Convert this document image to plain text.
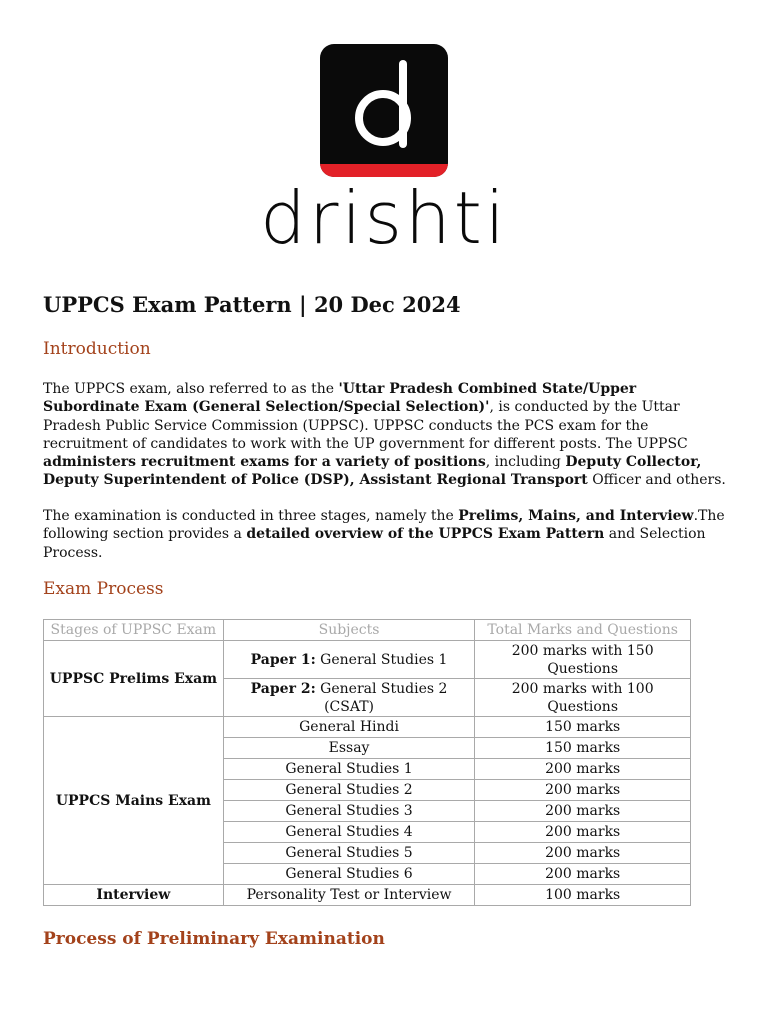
drishti
UPPCS Exam Pattern | 20 Dec 2024
Introduction

The UPPCS exam, also referred to as the 'Uttar Pradesh Combined State/Upper Subordinate Exam (General Selection/Special Selection)', is conducted by the Uttar Pradesh Public Service Commission (UPPSC). UPPSC conducts the PCS exam for the recruitment of candidates to work with the UP government for different posts. The UPPSC administers recruitment exams for a variety of positions, including Deputy Collector, Deputy Superintendent of Police (DSP), Assistant Regional Transport Officer and others.

The examination is conducted in three stages, namely the Prelims, Mains, and Interview.The following section provides a detailed overview of the UPPCS Exam Pattern and Selection Process.

Exam Process
Stages of UPPSC Exam	Subjects	Total Marks and Questions
UPPSC Prelims Exam	Paper 1: General Studies 1	200 marks with 150 Questions
	Paper 2: General Studies 2 (CSAT)	200 marks with 100 Questions
UPPCS Mains Exam	General Hindi	150 marks
	Essay	150 marks
	General Studies 1	200 marks
	General Studies 2	200 marks
	General Studies 3	200 marks
	General Studies 4	200 marks
	General Studies 5	200 marks
	General Studies 6	200 marks
Interview	Personality Test or Interview	100 marks
Process of Preliminary Examination
